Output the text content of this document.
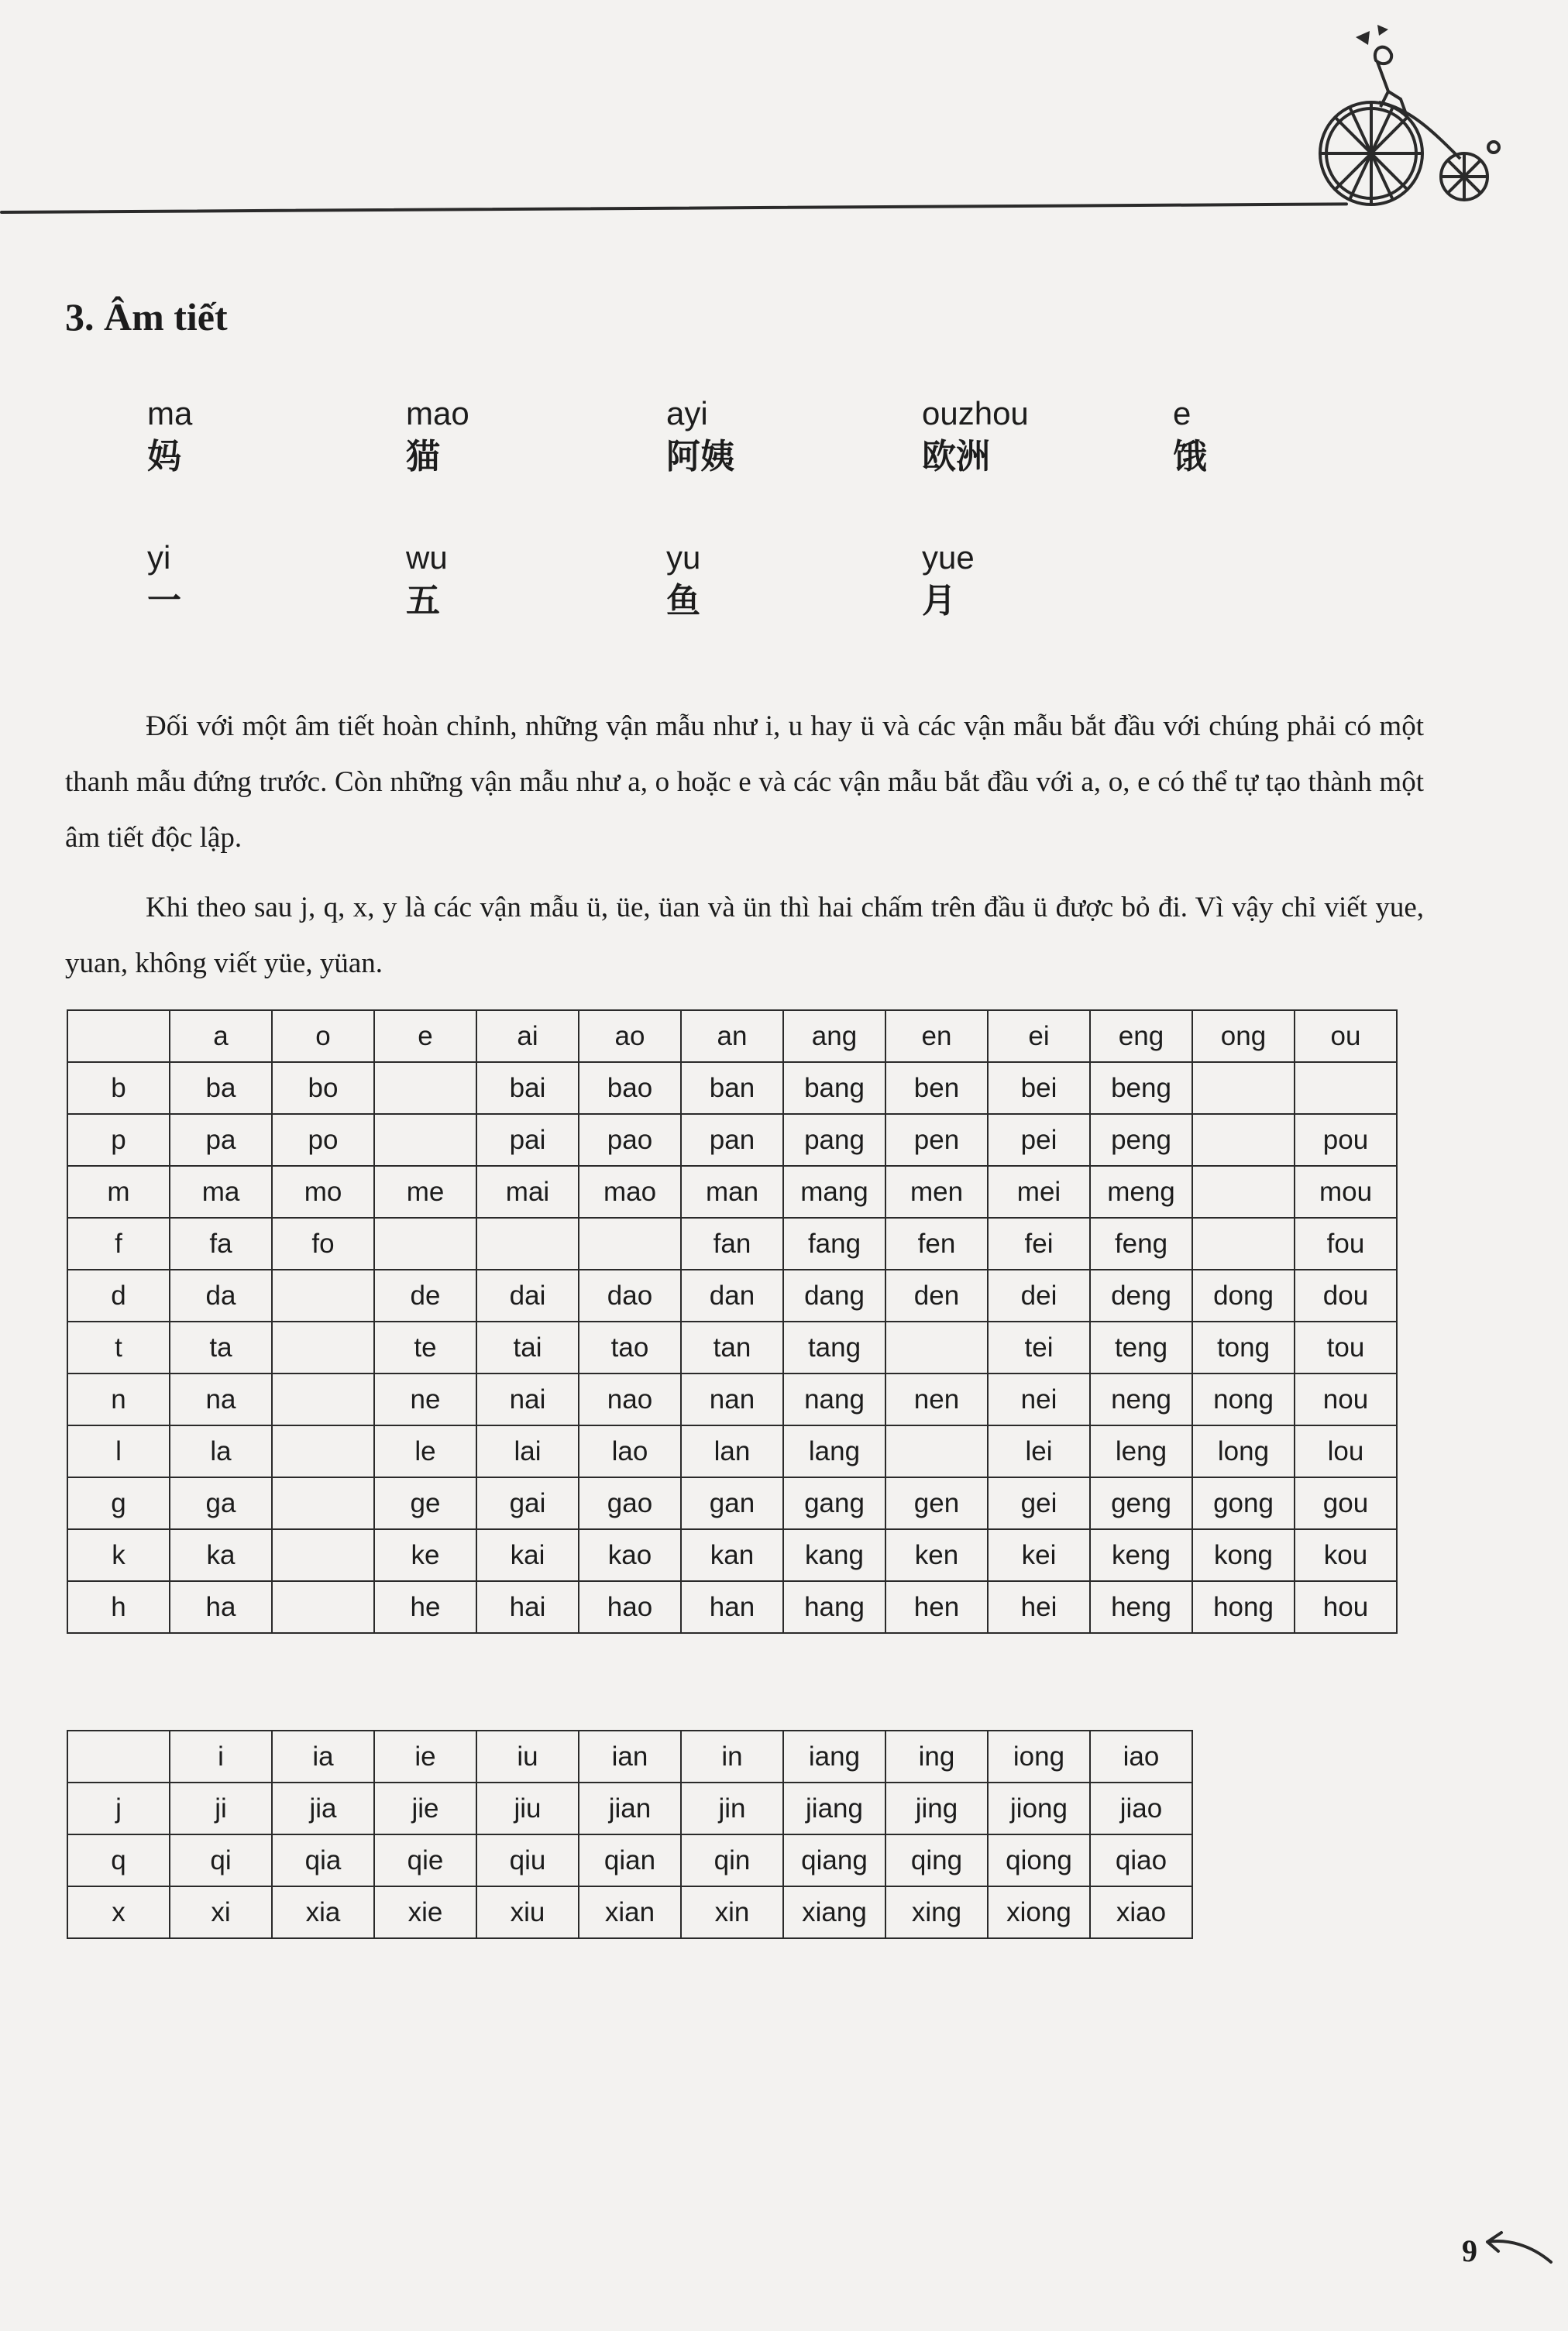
3. Âm tiết
ma
妈
mao
猫
ayi
阿姨
ouzhou
欧洲
e
饿
yi
一
wu
五
yu
鱼
yue
月

Đối với một âm tiết hoàn chỉnh, những vận mẫu như i, u hay ü và các vận mẫu bắt đầu với chúng phải có một thanh mẫu đứng trước. Còn những vận mẫu như a, o hoặc e và các vận mẫu bắt đầu với a, o, e có thể tự tạo thành một âm tiết độc lập.

Khi theo sau j, q, x, y là các vận mẫu ü, üe, üan và ün thì hai chấm trên đầu ü được bỏ đi. Vì vậy chỉ viết yue, yuan, không viết yüe, yüan.

	a	o	e	ai	ao	an	ang	en	ei	eng	ong	ou
b	ba	bo		bai	bao	ban	bang	ben	bei	beng		
p	pa	po		pai	pao	pan	pang	pen	pei	peng		pou
m	ma	mo	me	mai	mao	man	mang	men	mei	meng		mou
f	fa	fo				fan	fang	fen	fei	feng		fou
d	da		de	dai	dao	dan	dang	den	dei	deng	dong	dou
t	ta		te	tai	tao	tan	tang		tei	teng	tong	tou
n	na		ne	nai	nao	nan	nang	nen	nei	neng	nong	nou
l	la		le	lai	lao	lan	lang		lei	leng	long	lou
g	ga		ge	gai	gao	gan	gang	gen	gei	geng	gong	gou
k	ka		ke	kai	kao	kan	kang	ken	kei	keng	kong	kou
h	ha		he	hai	hao	han	hang	hen	hei	heng	hong	hou
	i	ia	ie	iu	ian	in	iang	ing	iong	iao
j	ji	jia	jie	jiu	jian	jin	jiang	jing	jiong	jiao
q	qi	qia	qie	qiu	qian	qin	qiang	qing	qiong	qiao
x	xi	xia	xie	xiu	xian	xin	xiang	xing	xiong	xiao
9
